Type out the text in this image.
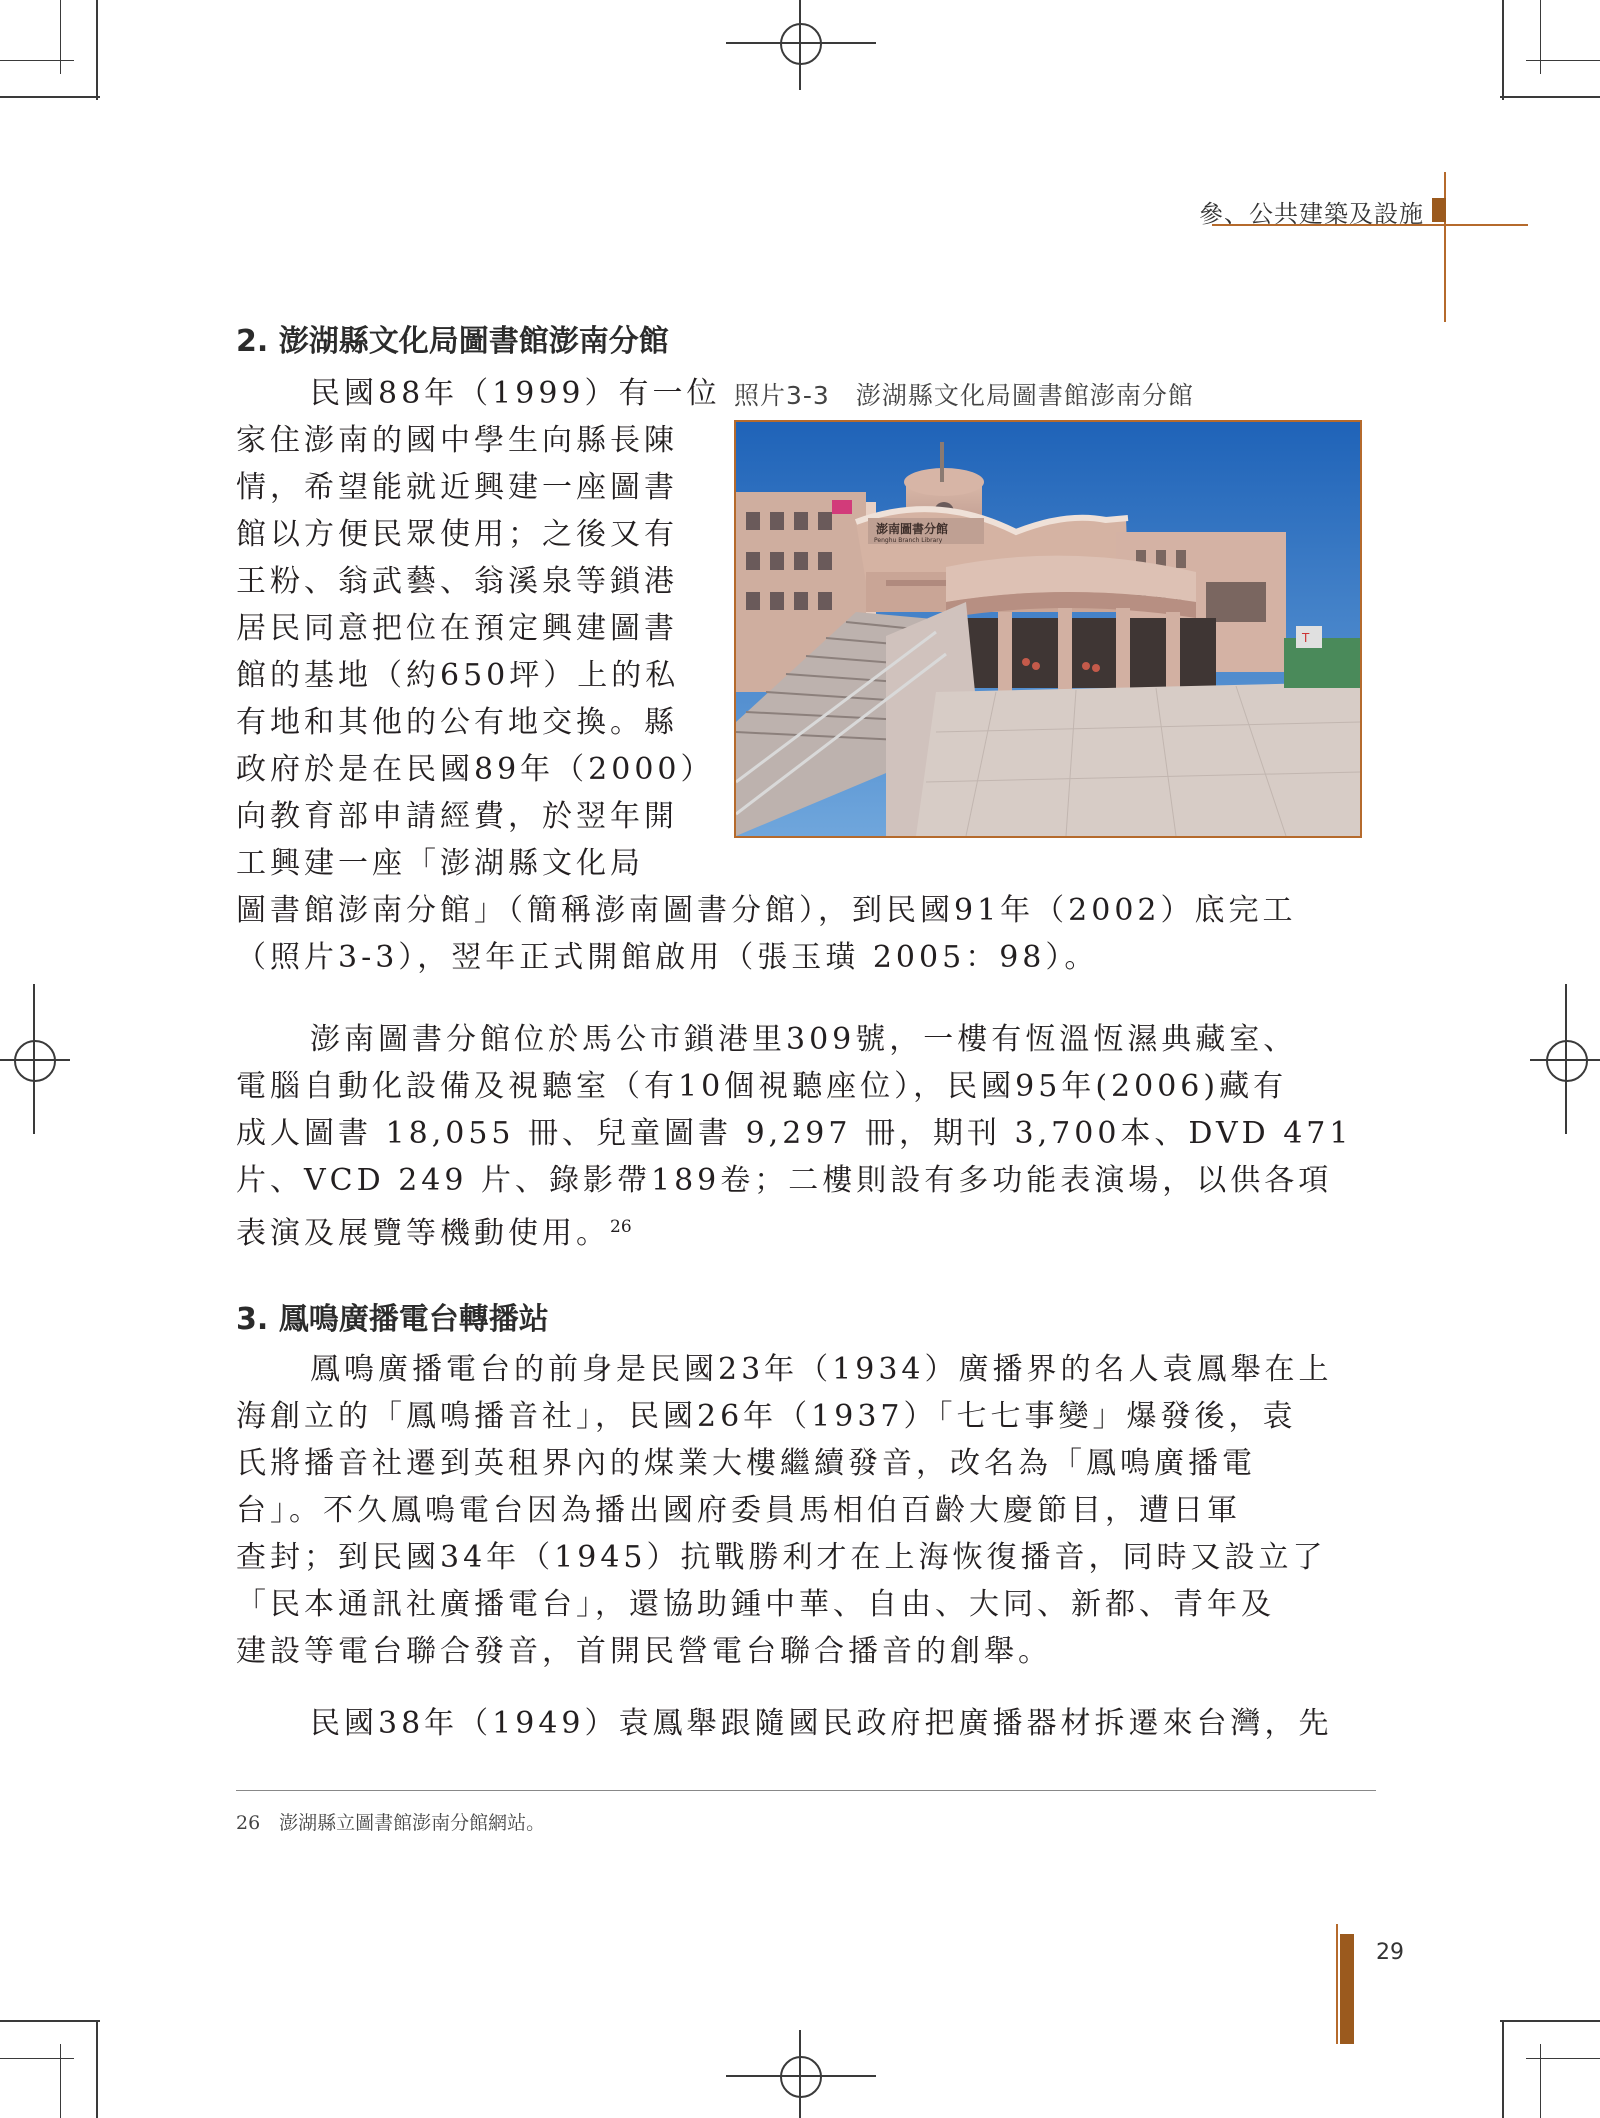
參、公共建築及設施
2. 澎湖縣文化局圖書館澎南分館

民國88年（1999）有一位

家住澎南的國中學生向縣長陳

情，希望能就近興建一座圖書

館以方便民眾使用；之後又有

王粉、翁武藝、翁溪泉等鎖港

居民同意把位在預定興建圖書

館的基地（約650坪）上的私

有地和其他的公有地交換。縣

政府於是在民國89年（2000）

向教育部申請經費，於翌年開

工興建一座「澎湖縣文化局

圖書館澎南分館」（簡稱澎南圖書分館），到民國91年（2002）底完工

（照片3-3），翌年正式開館啟用（張玉璜 2005：98）。

照片3-3　澎湖縣文化局圖書館澎南分館
澎南圖書分館
Penghu Branch Library
T

澎南圖書分館位於馬公市鎖港里309號，一樓有恆溫恆濕典藏室、

電腦自動化設備及視聽室（有10個視聽座位），民國95年(2006)藏有

成人圖書 18,055 冊、兒童圖書 9,297 冊，期刊 3,700本、DVD 471

片、VCD 249 片、錄影帶189卷；二樓則設有多功能表演場，以供各項

表演及展覽等機動使用。$^{26}$

3. 鳳鳴廣播電台轉播站

鳳鳴廣播電台的前身是民國23年（1934）廣播界的名人袁鳳舉在上

海創立的「鳳鳴播音社」，民國26年（1937）「七七事變」爆發後，袁

氏將播音社遷到英租界內的煤業大樓繼續發音，改名為「鳳鳴廣播電

台」。不久鳳鳴電台因為播出國府委員馬相伯百齡大慶節目，遭日軍

查封；到民國34年（1945）抗戰勝利才在上海恢復播音，同時又設立了

「民本通訊社廣播電台」，還協助鍾中華、自由、大同、新都、青年及

建設等電台聯合發音，首開民營電台聯合播音的創舉。

民國38年（1949）袁鳳舉跟隨國民政府把廣播器材拆遷來台灣，先

26　澎湖縣立圖書館澎南分館網站。
29
